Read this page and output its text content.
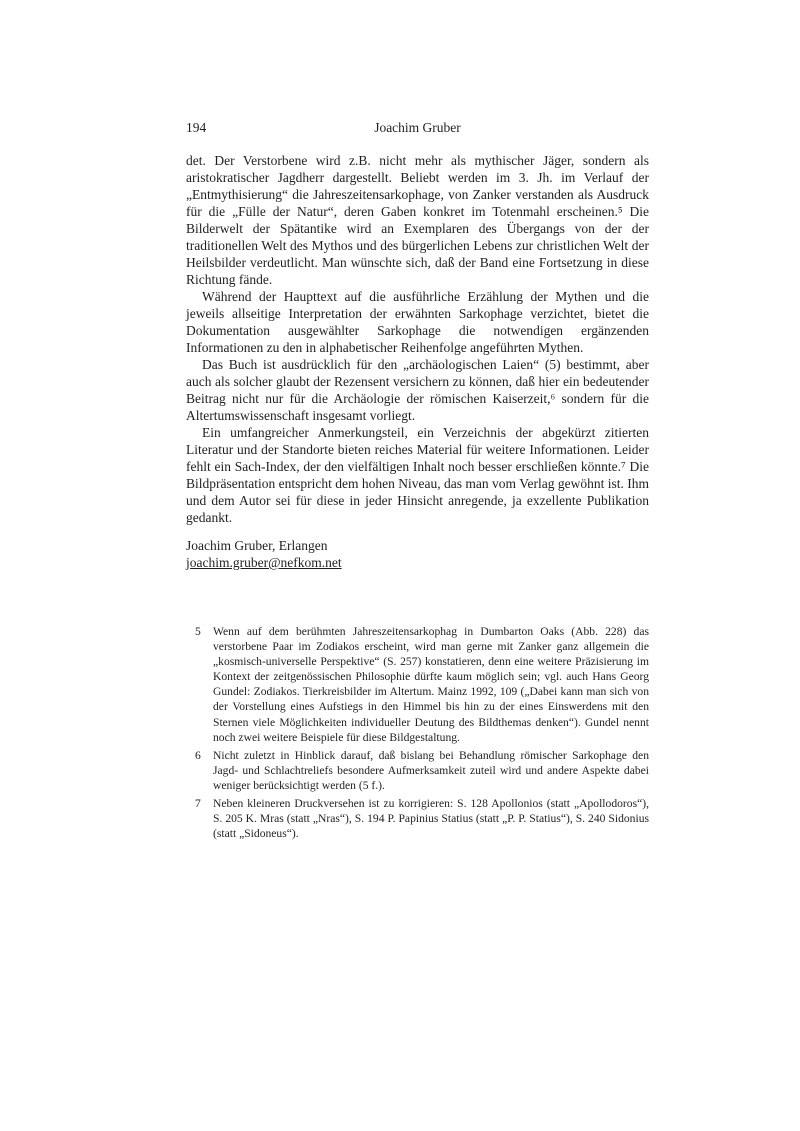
194	Joachim Gruber

det. Der Verstorbene wird z.B. nicht mehr als mythischer Jäger, sondern als aristokratischer Jagdherr dargestellt. Beliebt werden im 3. Jh. im Verlauf der „Entmythisierung“ die Jahreszeitensarkophage, von Zanker verstanden als Ausdruck für die „Fülle der Natur“, deren Gaben konkret im Totenmahl erscheinen.⁵ Die Bilderwelt der Spätantike wird an Exemplaren des Übergangs von der der traditionellen Welt des Mythos und des bürgerlichen Lebens zur christlichen Welt der Heilsbilder verdeutlicht. Man wünschte sich, daß der Band eine Fortsetzung in diese Richtung fände.

Während der Haupttext auf die ausführliche Erzählung der Mythen und die jeweils allseitige Interpretation der erwähnten Sarkophage verzichtet, bietet die Dokumentation ausgewählter Sarkophage die notwendigen ergänzenden Informationen zu den in alphabetischer Reihenfolge angeführten Mythen.

Das Buch ist ausdrücklich für den „archäologischen Laien“ (5) bestimmt, aber auch als solcher glaubt der Rezensent versichern zu können, daß hier ein bedeutender Beitrag nicht nur für die Archäologie der römischen Kaiserzeit,⁶ sondern für die Altertumswissenschaft insgesamt vorliegt.

Ein umfangreicher Anmerkungsteil, ein Verzeichnis der abgekürzt zitierten Literatur und der Standorte bieten reiches Material für weitere Informationen. Leider fehlt ein Sach-Index, der den vielfältigen Inhalt noch besser erschließen könnte.⁷ Die Bildpräsentation entspricht dem hohen Niveau, das man vom Verlag gewöhnt ist. Ihm und dem Autor sei für diese in jeder Hinsicht anregende, ja exzellente Publikation gedankt.

Joachim Gruber, Erlangen

joachim.gruber@nefkom.net

5 Wenn auf dem berühmten Jahreszeitensarkophag in Dumbarton Oaks (Abb. 228) das verstorbene Paar im Zodiakos erscheint, wird man gerne mit Zanker ganz allgemein die „kosmisch-universelle Perspektive“ (S. 257) konstatieren, denn eine weitere Präzisierung im Kontext der zeitgenössischen Philosophie dürfte kaum möglich sein; vgl. auch Hans Georg Gundel: Zodiakos. Tierkreisbilder im Altertum. Mainz 1992, 109 („Dabei kann man sich von der Vorstellung eines Aufstiegs in den Himmel bis hin zu der eines Einswerdens mit den Sternen viele Möglichkeiten individueller Deutung des Bildthemas denken“). Gundel nennt noch zwei weitere Beispiele für diese Bildgestaltung.
6 Nicht zuletzt in Hinblick darauf, daß bislang bei Behandlung römischer Sarkophage den Jagd- und Schlachtreliefs besondere Aufmerksamkeit zuteil wird und andere Aspekte dabei weniger berücksichtigt werden (5 f.).
7 Neben kleineren Druckversehen ist zu korrigieren: S. 128 Apollonios (statt „Apollodoros“), S. 205 K. Mras (statt „Nras“), S. 194 P. Papinius Statius (statt „P. P. Statius“), S. 240 Sidonius (statt „Sidoneus“).
